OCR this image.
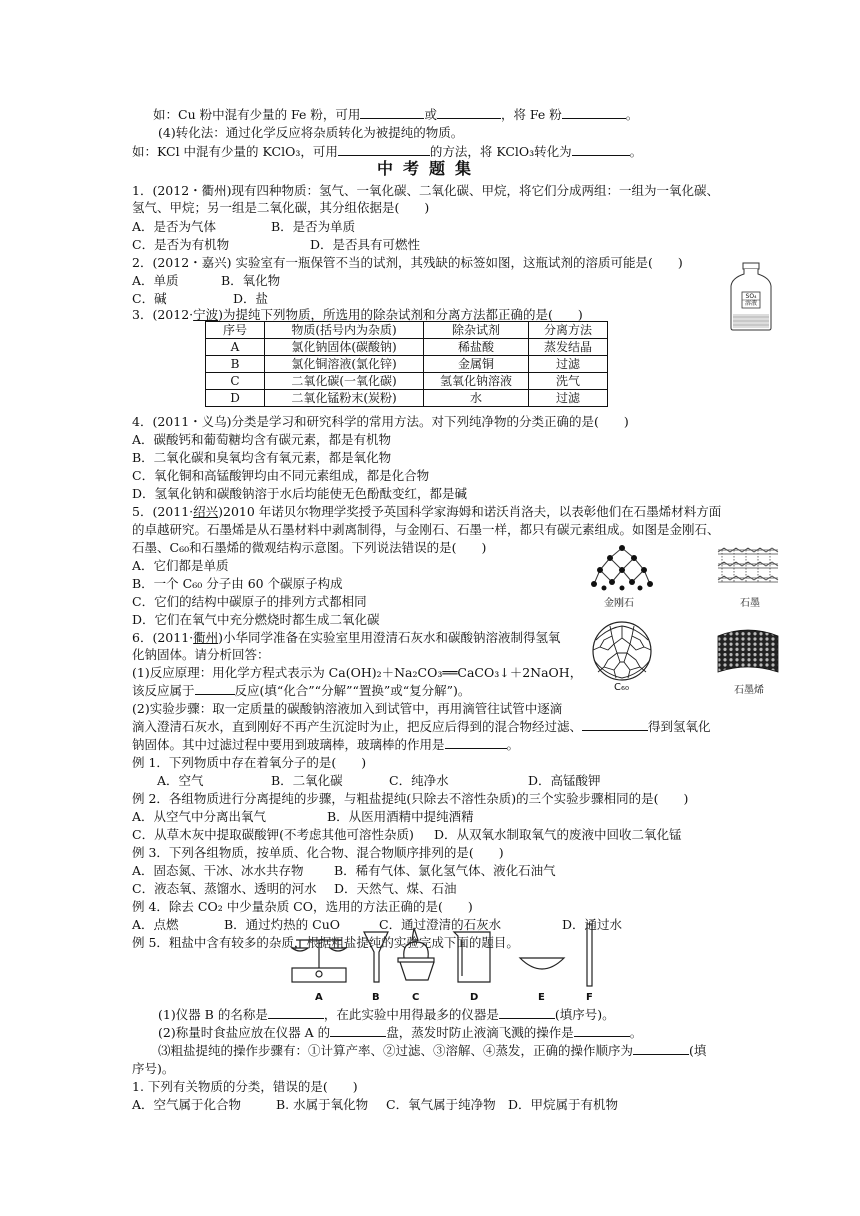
如：Cu 粉中混有少量的 Fe 粉，可用	或	，将 Fe 粉	。
(4)转化法：通过化学反应将杂质转化为被提纯的物质。
如：KCl 中混有少量的 KClO₃，可用	的方法，将 KClO₃转化为	。
中考题集
1．(2012・衢州)现有四种物质：氢气、一氧化碳、二氧化碳、甲烷，将它们分成两组：一组为一氧化碳、
氢气、甲烷；另一组是二氧化碳，其分组依据是(　　)
A．是否为气体	B．是否为单质
C．是否为有机物	D．是否具有可燃性
2．(2012・嘉兴) 实验室有一瓶保管不当的试剂，其残缺的标签如图，这瓶试剂的溶质可能是(　　)
A．单质	B．氧化物
C．碱	D．盐	SO₄ 溶液
3．(2012·宁波)为提纯下列物质，所选用的除杂试剂和分离方法都正确的是(　　)
序号	物质(括号内为杂质)	除杂试剂	分离方法
A	氯化钠固体(碳酸钠)	稀盐酸	蒸发结晶
B	氯化铜溶液(氯化锌)	金属铜	过滤
C	二氧化碳(一氧化碳)	氢氧化钠溶液	洗气
D	二氧化锰粉末(炭粉)	水	过滤
4．(2011・义乌)分类是学习和研究科学的常用方法。对下列纯净物的分类正确的是(　　)
A．碳酸钙和葡萄糖均含有碳元素，都是有机物
B．二氧化碳和臭氧均含有氧元素，都是氧化物
C．氧化铜和高锰酸钾均由不同元素组成，都是化合物
D．氢氧化钠和碳酸钠溶于水后均能使无色酚酞变红，都是碱
5．(2011·绍兴)2010 年诺贝尔物理学奖授予英国科学家海姆和诺沃肖洛夫，以表彰他们在石墨烯材料方面
的卓越研究。石墨烯是从石墨材料中剥离制得，与金刚石、石墨一样，都只有碳元素组成。如图是金刚石、
石墨、C₆₀和石墨烯的微观结构示意图。下列说法错误的是(　　)
A．它们都是单质
B．一个 C₆₀ 分子由 60 个碳原子构成
C．它们的结构中碳原子的排列方式都相同
D．它们在氧气中充分燃烧时都生成二氧化碳
金刚石	石墨
C₆₀	石墨烯
6．(2011·衢州)小华同学准备在实验室里用澄清石灰水和碳酸钠溶液制得氢氧
化钠固体。请分析回答：
(1)反应原理：用化学方程式表示为 Ca(OH)₂＋Na₂CO₃══CaCO₃↓＋2NaOH，
该反应属于	反应(填“化合”“分解”“置换”或“复分解”)。
(2)实验步骤：取一定质量的碳酸钠溶液加入到试管中，再用滴管往试管中逐滴
滴入澄清石灰水，直到刚好不再产生沉淀时为止，把反应后得到的混合物经过滤、	得到氢氧化
钠固体。其中过滤过程中要用到玻璃棒，玻璃棒的作用是	。
例 1．下列物质中存在着氧分子的是(　　)
A．空气	B．二氧化碳	C．纯净水	D．高锰酸钾
例 2．各组物质进行分离提纯的步骤，与粗盐提纯(只除去不溶性杂质)的三个实验步骤相同的是(　　)
A．从空气中分离出氧气	B．从医用酒精中提纯酒精
C．从草木灰中提取碳酸钾(不考虑其他可溶性杂质) D．从双氧水制取氧气的废液中回收二氧化锰
例 3．下列各组物质，按单质、化合物、混合物顺序排列的是(　　)
A．固态氮、干冰、冰水共存物 B．稀有气体、氯化氢气体、液化石油气
C．液态氧、蒸馏水、透明的河水 D．天然气、煤、石油
例 4．除去 CO₂ 中少量杂质 CO，选用的方法正确的是(　　)
A．点燃	B．通过灼热的 CuO	C．通过澄清的石灰水	D．通过水
例 5．粗盐中含有较多的杂质，根据粗盐提纯的实验完成下面的题目。
A	B	C	D	E	F
(1)仪器 B 的名称是	，在此实验中用得最多的仪器是	(填序号)。
(2)称量时食盐应放在仪器 A 的	盘，蒸发时防止液滴飞溅的操作是	。
⑶粗盐提纯的操作步骤有：①计算产率、②过滤、③溶解、④蒸发，正确的操作顺序为	(填
序号)。
1. 下列有关物质的分类，错误的是(　　)
A．空气属于化合物	B. 水属于氧化物 C．氧气属于纯净物 D．甲烷属于有机物
